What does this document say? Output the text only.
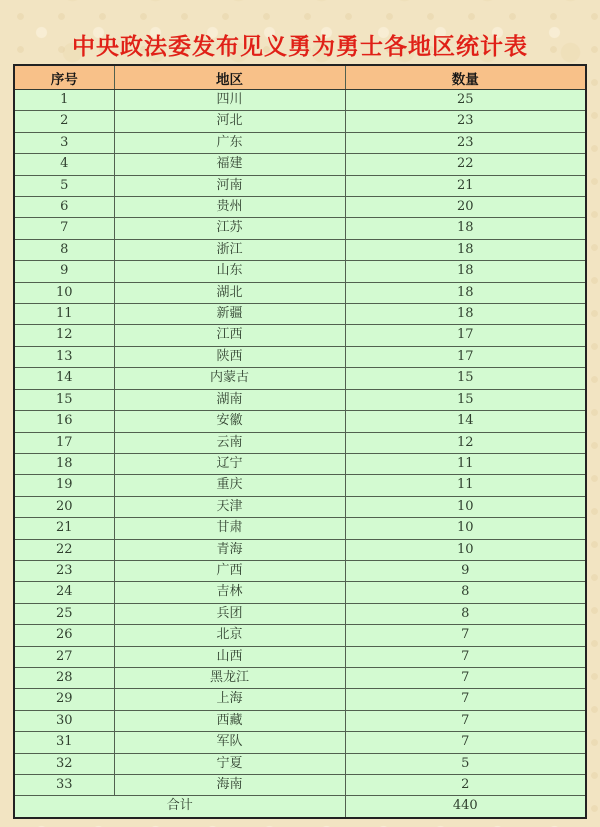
中央政法委发布见义勇为勇士各地区统计表
序号	地区	数量
1	四川	25
2	河北	23
3	广东	23
4	福建	22
5	河南	21
6	贵州	20
7	江苏	18
8	浙江	18
9	山东	18
10	湖北	18
11	新疆	18
12	江西	17
13	陕西	17
14	内蒙古	15
15	湖南	15
16	安徽	14
17	云南	12
18	辽宁	11
19	重庆	11
20	天津	10
21	甘肃	10
22	青海	10
23	广西	9
24	吉林	8
25	兵团	8
26	北京	7
27	山西	7
28	黑龙江	7
29	上海	7
30	西藏	7
31	军队	7
32	宁夏	5
33	海南	2
合计		440
